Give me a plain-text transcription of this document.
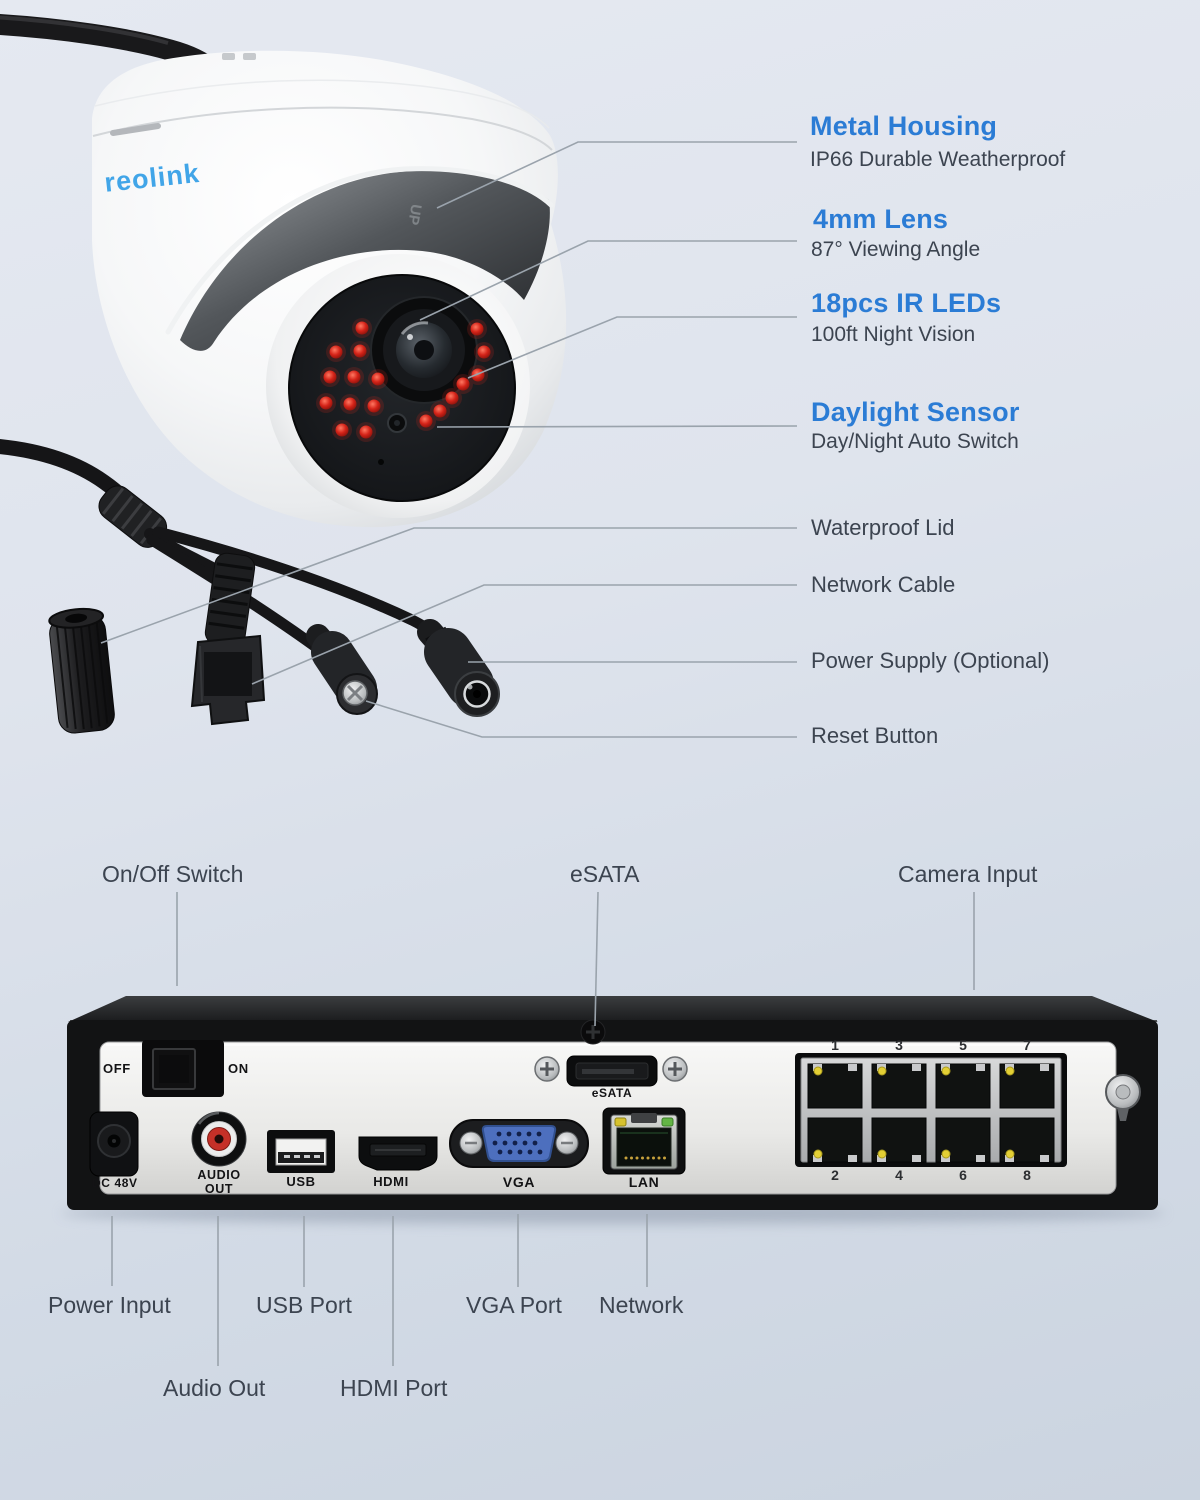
reolink
UP
Metal Housing
IP66 Durable Weatherproof
4mm Lens
87° Viewing Angle
18pcs IR LEDs
100ft Night Vision
Daylight Sensor
Day/Night Auto Switch
Waterproof Lid
Network Cable
Power Supply (Optional)
Reset Button
On/Off Switch	eSATA	Camera Input
Power Input	USB Port	VGA Port Network
Audio Out	HDMI Port
OFF	ON
DC 48V
AUDIO
OUT	USB	HDMI	VGA	LAN
eSATA
1	3	5	7
2	4	6	8
